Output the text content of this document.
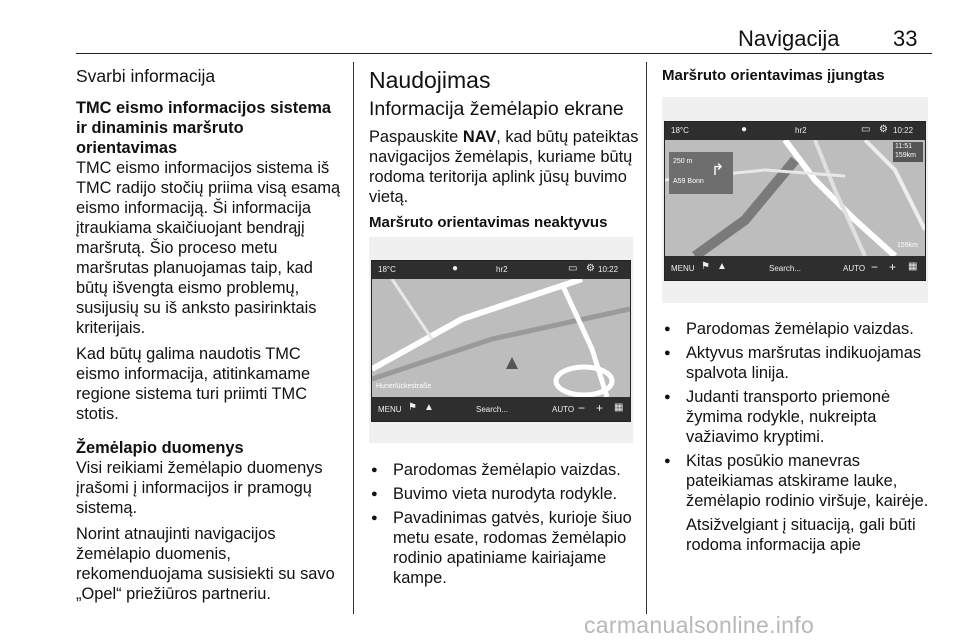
Navigacija 33

Svarbi informacija

TMC eismo informacijos sistema ir dinaminis maršruto orientavimas

TMC eismo informacijos sistema iš TMC radijo stočių priima visą esamą eismo informaciją. Ši informacija įtraukiama skaičiuojant bendrąjį maršrutą. Šio proceso metu maršrutas planuojamas taip, kad būtų išvengta eismo problemų, susijusių su iš anksto pasirinktais kriterijais.

Kad būtų galima naudotis TMC eismo informacija, atitinkamame regione sistema turi priimti TMC stotis.

Žemėlapio duomenys

Visi reikiami žemėlapio duomenys įrašomi į informacijos ir pramogų sistemą.

Norint atnaujinti navigacijos žemėlapio duomenis, rekomenduojama susisiekti su savo „Opel“ priežiūros partneriu.

Naudojimas

Informacija žemėlapio ekrane

Paspauskite NAV, kad būtų pateiktas navigacijos žemėlapis, kuriame būtų rodoma teritorija aplink jūsų buvimo vietą.

Maršruto orientavimas neaktyvus

18°C	●	hr2	▭ ⚙ 10:22
Hunerlückestraße
MENU ⚑ ▲	Search...	AUTO − + ▦
● Parodomas žemėlapio vaizdas.
● Buvimo vieta nurodyta rodykle.
● Pavadinimas gatvės, kurioje šiuo metu esate, rodomas žemėlapio rodinio apatiniame kairiajame kampe.

Maršruto orientavimas įjungtas

18°C	●	hr2	▭ ⚙ 10:22
250 m
A59 Bonn
↱
11:51
159km
159km
MENU ⚑ ▲	Search...	AUTO − + ▦
● Parodomas žemėlapio vaizdas.
● Aktyvus maršrutas indikuojamas spalvota linija.
● Judanti transporto priemonė žymima rodykle, nukreipta važiavimo kryptimi.
● Kitas posūkio manevras pateikiamas atskirame lauke, žemėlapio rodinio viršuje, kairėje.

Atsižvelgiant į situaciją, gali būti rodoma informacija apie

carmanualsonline.info
